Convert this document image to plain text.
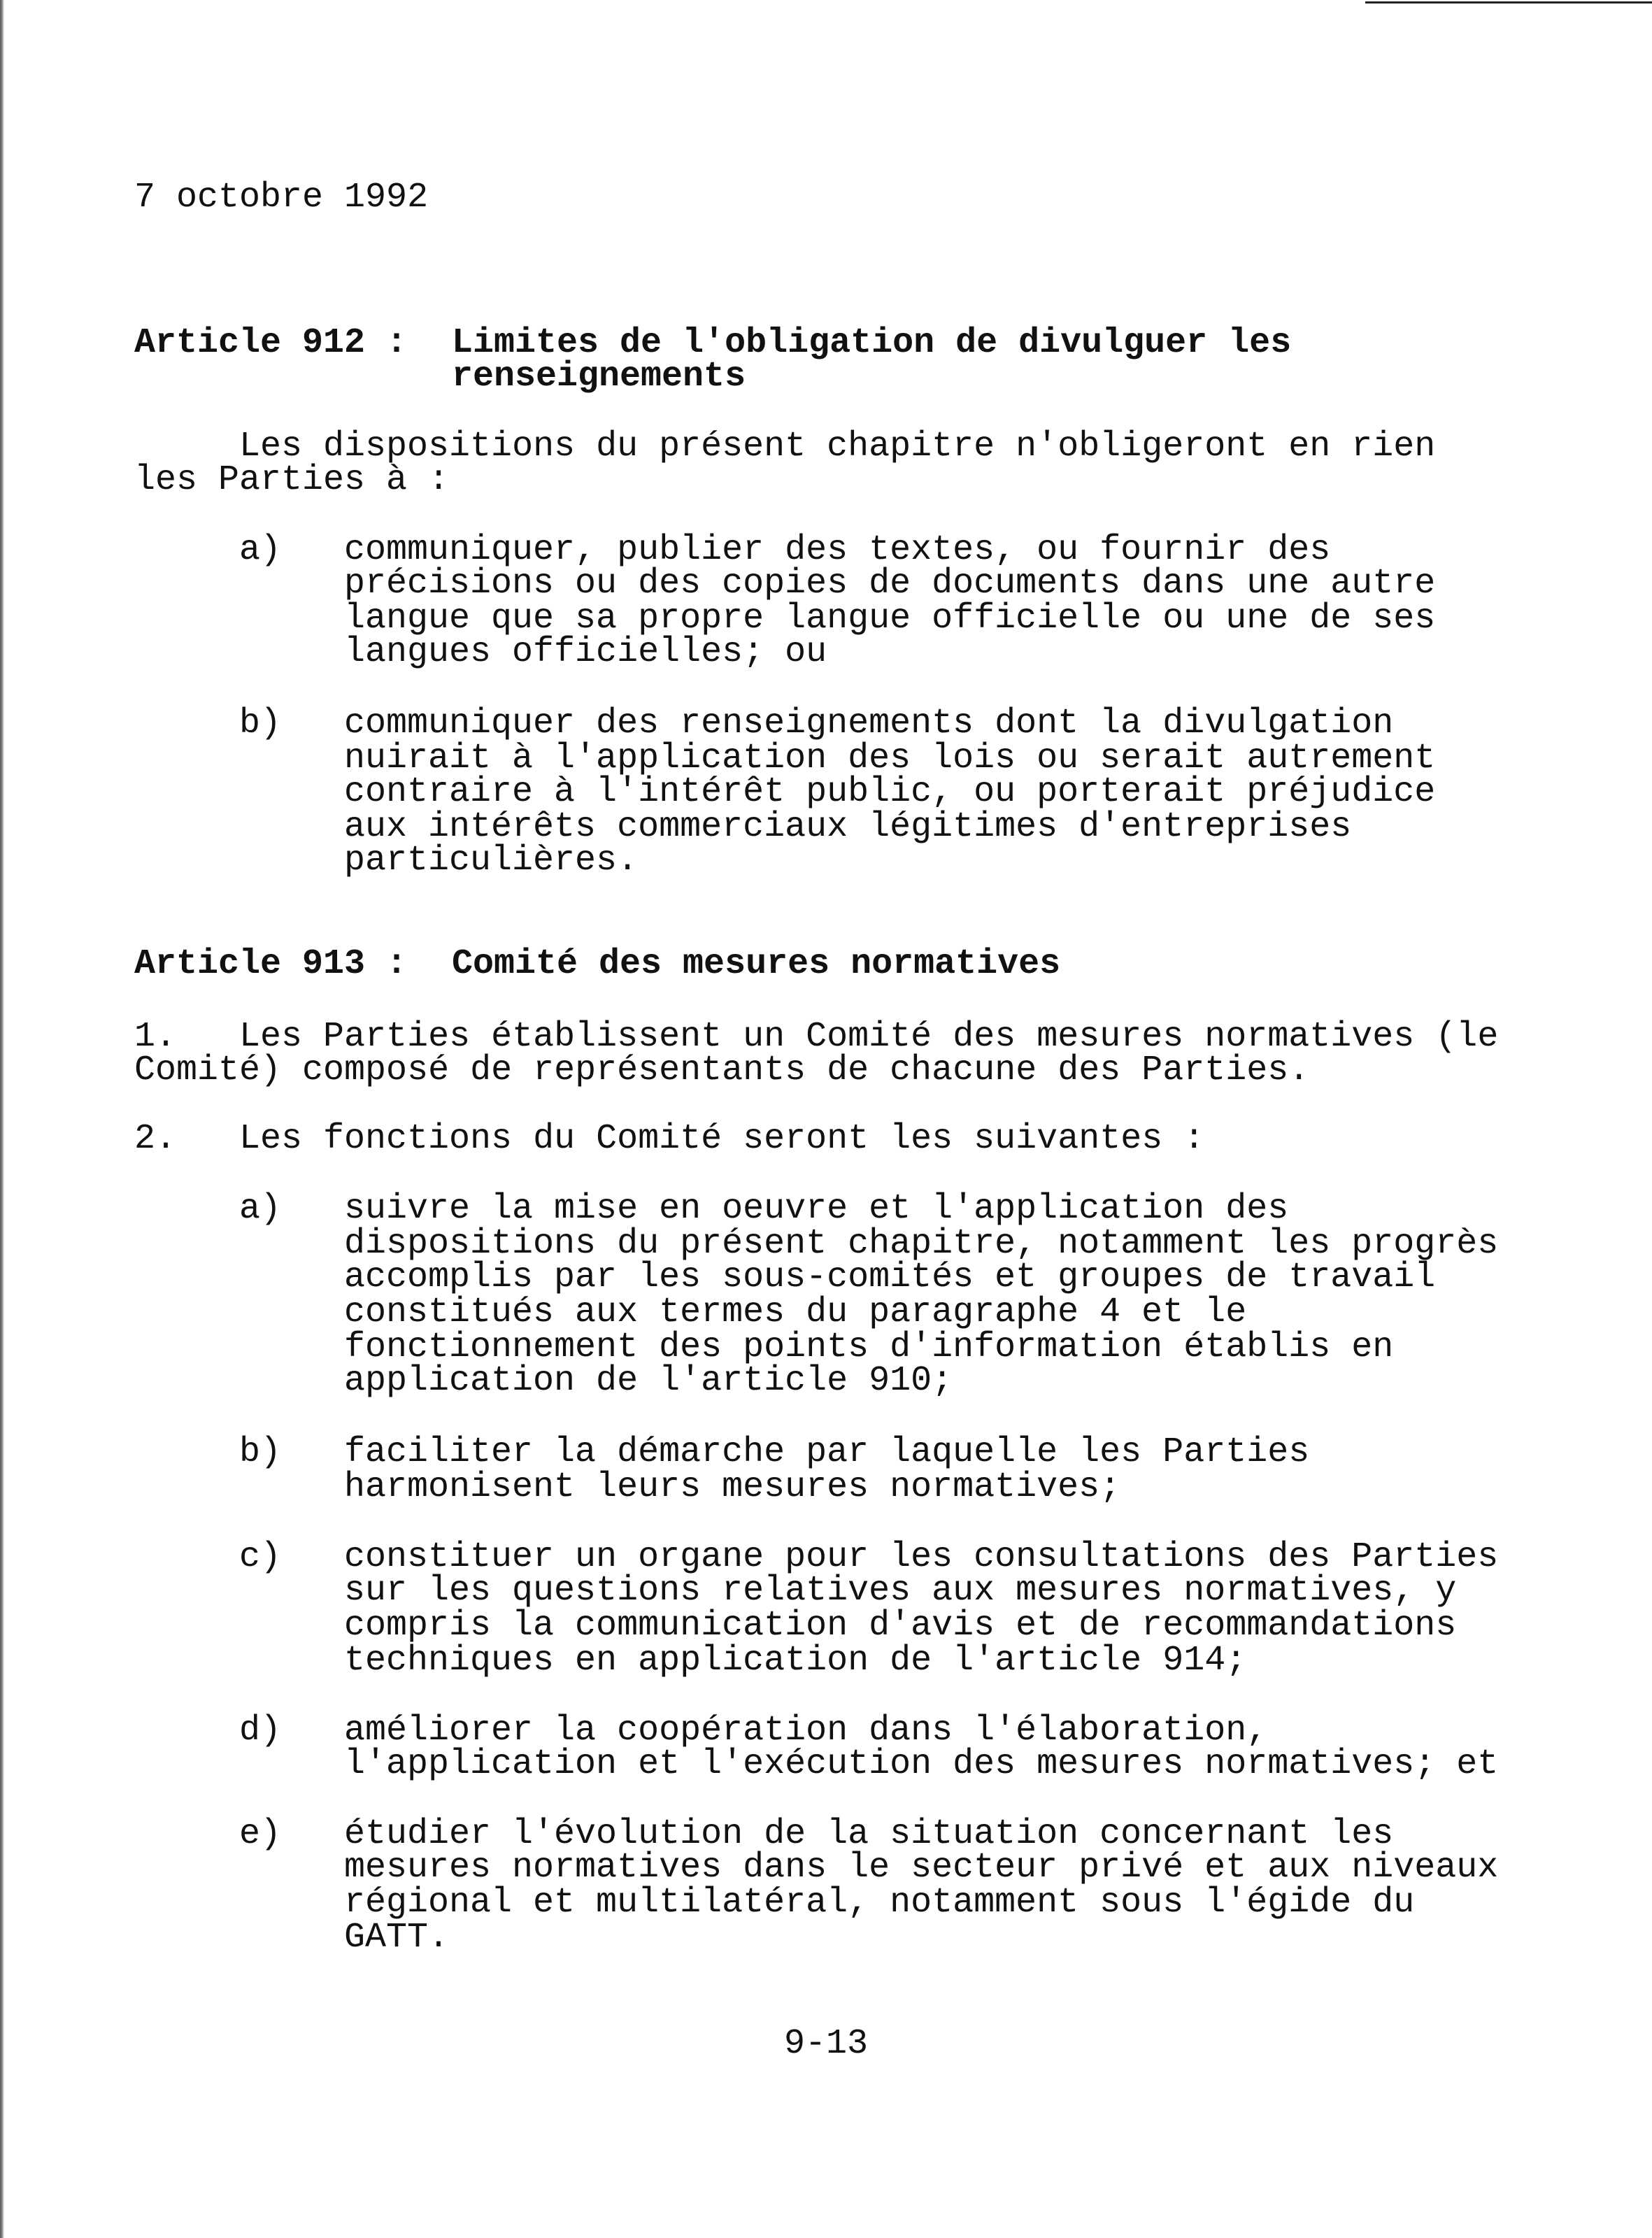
7 octobre 1992
Article 912 : Limites de l'obligation de divulguer les
renseignements
Les dispositions du présent chapitre n'obligeront en rien
les Parties à :
a) communiquer, publier des textes, ou fournir des
précisions ou des copies de documents dans une autre
langue que sa propre langue officielle ou une de ses
langues officielles; ou
b) communiquer des renseignements dont la divulgation
nuirait à l'application des lois ou serait autrement
contraire à l'intérêt public, ou porterait préjudice
aux intérêts commerciaux légitimes d'entreprises
particulières.
Article 913 : Comité des mesures normatives
1.   Les Parties établissent un Comité des mesures normatives (le
Comité) composé de représentants de chacune des Parties.
2. Les fonctions du Comité seront les suivantes :
a) suivre la mise en oeuvre et l'application des
dispositions du présent chapitre, notamment les progrès
accomplis par les sous-comités et groupes de travail
constitués aux termes du paragraphe 4 et le
fonctionnement des points d'information établis en
application de l'article 910;
b) faciliter la démarche par laquelle les Parties
harmonisent leurs mesures normatives;
c) constituer un organe pour les consultations des Parties
sur les questions relatives aux mesures normatives, y
compris la communication d'avis et de recommandations
techniques en application de l'article 914;
d) améliorer la coopération dans l'élaboration,
l'application et l'exécution des mesures normatives; et
e) étudier l'évolution de la situation concernant les
mesures normatives dans le secteur privé et aux niveaux
régional et multilatéral, notamment sous l'égide du
GATT.
9-13
